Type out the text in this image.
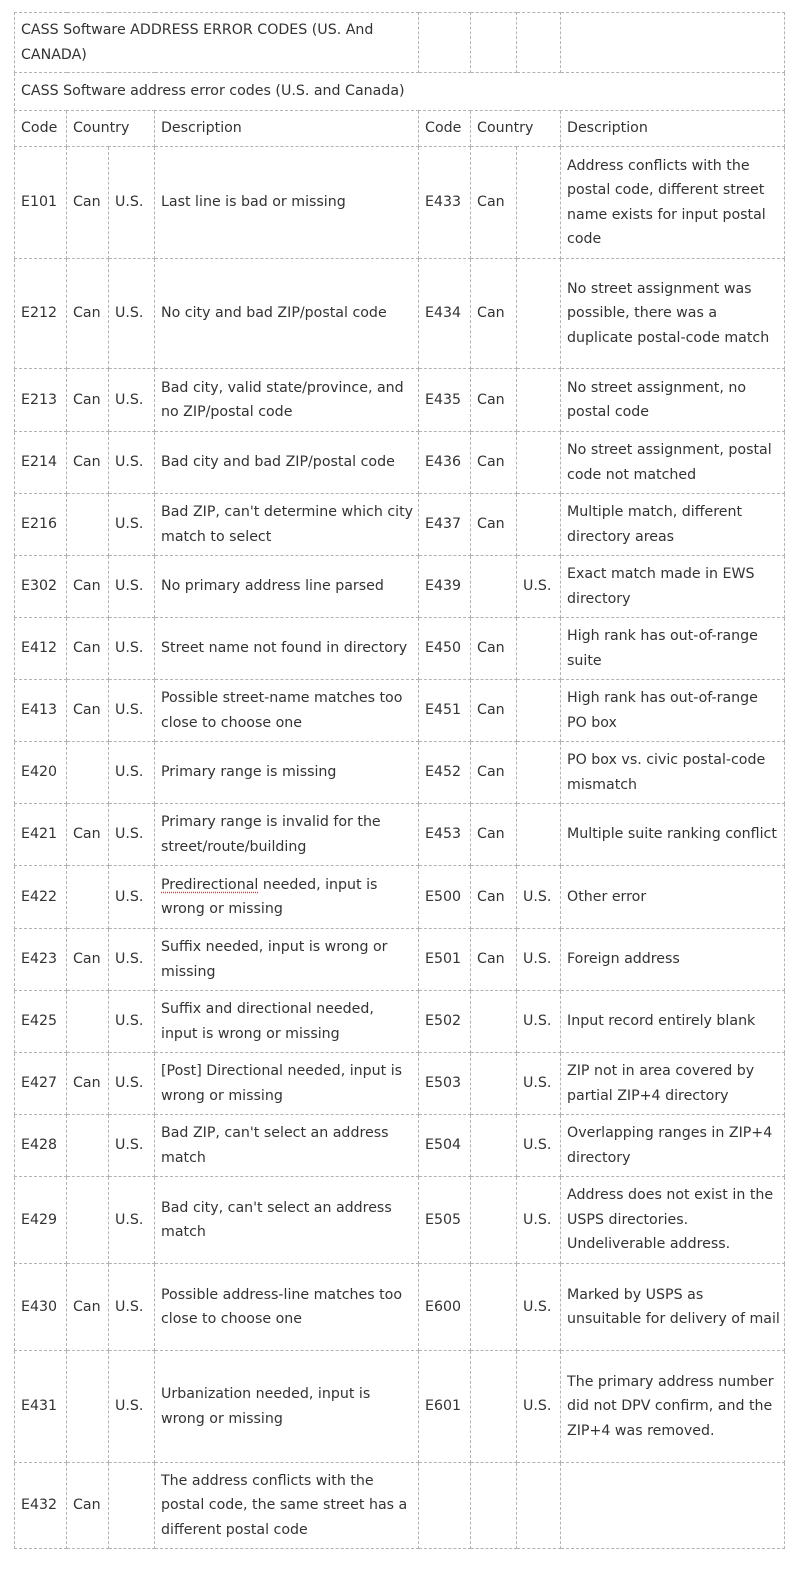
CASS Software ADDRESS ERROR CODES (US. And CANADA)							
CASS Software address error codes (U.S. and Canada)							
Code	Country		Description	Code	Country		Description
E101	Can	U.S.	Last line is bad or missing	E433	Can		Address conflicts with the postal code, different street name exists for input postal code
E212	Can	U.S.	No city and bad ZIP/postal code	E434	Can		No street assignment was possible, there was a duplicate postal-code match
E213	Can	U.S.	Bad city, valid state/province, and no ZIP/postal code	E435	Can		No street assignment, no postal code
E214	Can	U.S.	Bad city and bad ZIP/postal code	E436	Can		No street assignment, postal code not matched
E216		U.S.	Bad ZIP, can't determine which city match to select	E437	Can		Multiple match, different directory areas
E302	Can	U.S.	No primary address line parsed	E439		U.S.	Exact match made in EWS directory
E412	Can	U.S.	Street name not found in directory	E450	Can		High rank has out-of-range suite
E413	Can	U.S.	Possible street-name matches too close to choose one	E451	Can		High rank has out-of-range PO box
E420		U.S.	Primary range is missing	E452	Can		PO box vs. civic postal-code mismatch
E421	Can	U.S.	Primary range is invalid for the street/route/building	E453	Can		Multiple suite ranking conflict
E422		U.S.	Predirectional needed, input is wrong or missing	E500	Can	U.S.	Other error
E423	Can	U.S.	Suffix needed, input is wrong or missing	E501	Can	U.S.	Foreign address
E425		U.S.	Suffix and directional needed, input is wrong or missing	E502		U.S.	Input record entirely blank
E427	Can	U.S.	[Post] Directional needed, input is wrong or missing	E503		U.S.	ZIP not in area covered by partial ZIP+4 directory
E428		U.S.	Bad ZIP, can't select an address match	E504		U.S.	Overlapping ranges in ZIP+4 directory
E429		U.S.	Bad city, can't select an address match	E505		U.S.	Address does not exist in the USPS directories. Undeliverable address.
E430	Can	U.S.	Possible address-line matches too close to choose one	E600		U.S.	Marked by USPS as unsuitable for delivery of mail
E431		U.S.	Urbanization needed, input is wrong or missing	E601		U.S.	The primary address number did not DPV confirm, and the ZIP+4 was removed.
E432	Can		The address conflicts with the postal code, the same street has a different postal code				
